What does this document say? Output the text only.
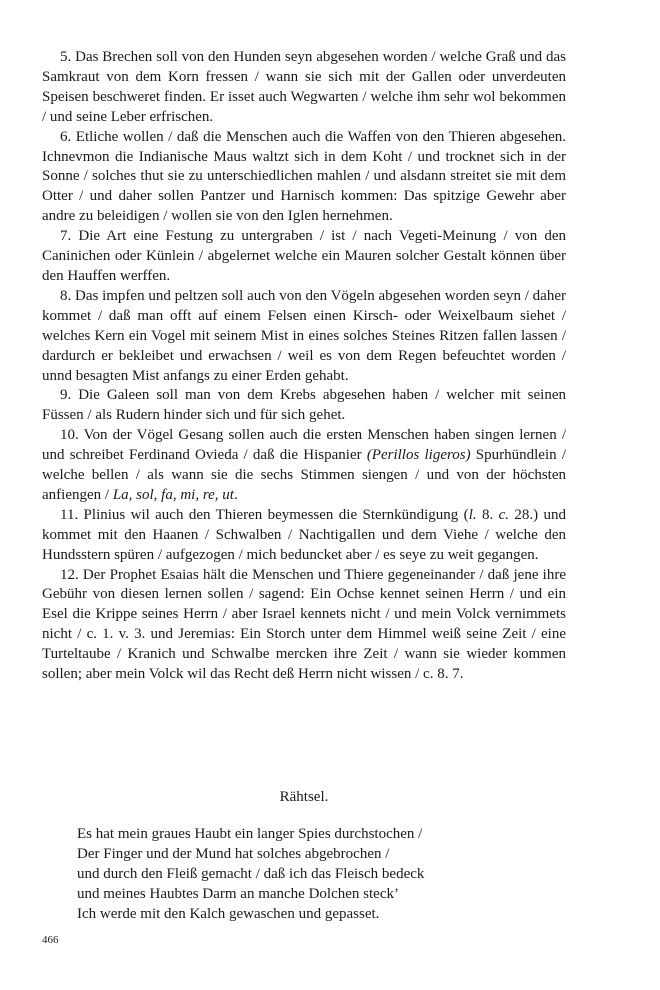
5. Das Brechen soll von den Hunden seyn abgesehen worden / welche Graß und das Samkraut von dem Korn fressen / wann sie sich mit der Gallen oder unverdeuten Speisen beschweret finden. Er isset auch Wegwarten / welche ihm sehr wol bekommen / und seine Leber erfrischen.

6. Etliche wollen / daß die Menschen auch die Waffen von den Thieren abgesehen. Ichnevmon die Indianische Maus waltzt sich in dem Koht / und trocknet sich in der Sonne / solches thut sie zu unterschiedlichen mahlen / und alsdann streitet sie mit dem Otter / und daher sollen Pantzer und Harnisch kommen: Das spitzige Gewehr aber andre zu beleidigen / wollen sie von den Iglen hernehmen.

7. Die Art eine Festung zu untergraben / ist / nach Vegeti-Meinung / von den Caninichen oder Künlein / abgelernet welche ein Mauren solcher Gestalt können über den Hauffen werffen.

8. Das impfen und peltzen soll auch von den Vögeln abgesehen worden seyn / daher kommet / daß man offt auf einem Felsen einen Kirsch- oder Weixelbaum siehet / welches Kern ein Vogel mit seinem Mist in eines solches Steines Ritzen fallen lassen / dardurch er bekleibet und erwachsen / weil es von dem Regen befeuchtet worden / unnd besagten Mist anfangs zu einer Erden gehabt.

9. Die Galeen soll man von dem Krebs abgesehen haben / welcher mit seinen Füssen / als Rudern hinder sich und für sich gehet.

10. Von der Vögel Gesang sollen auch die ersten Menschen haben singen lernen / und schreibet Ferdinand Ovieda / daß die Hispanier (Perillos ligeros) Spurhündlein / welche bellen / als wann sie die sechs Stimmen siengen / und von der höchsten anfiengen / La, sol, fa, mi, re, ut.

11. Plinius wil auch den Thieren beymessen die Sternkündigung (l. 8. c. 28.) und kommet mit den Haanen / Schwalben / Nachtigallen und dem Viehe / welche den Hundsstern spüren / aufgezogen / mich beduncket aber / es seye zu weit gegangen.

12. Der Prophet Esaias hält die Menschen und Thiere gegeneinander / daß jene ihre Gebühr von diesen lernen sollen / sagend: Ein Ochse kennet seinen Herrn / und ein Esel die Krippe seines Herrn / aber Israel kennets nicht / und mein Volck vernimmets nicht / c. 1. v. 3. und Jeremias: Ein Storch unter dem Himmel weiß seine Zeit / eine Turteltaube / Kranich und Schwalbe mercken ihre Zeit / wann sie wieder kommen sollen; aber mein Volck wil das Recht deß Herrn nicht wissen / c. 8. 7.

Rähtsel.
Es hat mein graues Haubt ein langer Spies durchstochen /
Der Finger und der Mund hat solches abgebrochen /
und durch den Fleiß gemacht / daß ich das Fleisch bedeck
und meines Haubtes Darm an manche Dolchen steck’
Ich werde mit den Kalch gewaschen und gepasset.
466
